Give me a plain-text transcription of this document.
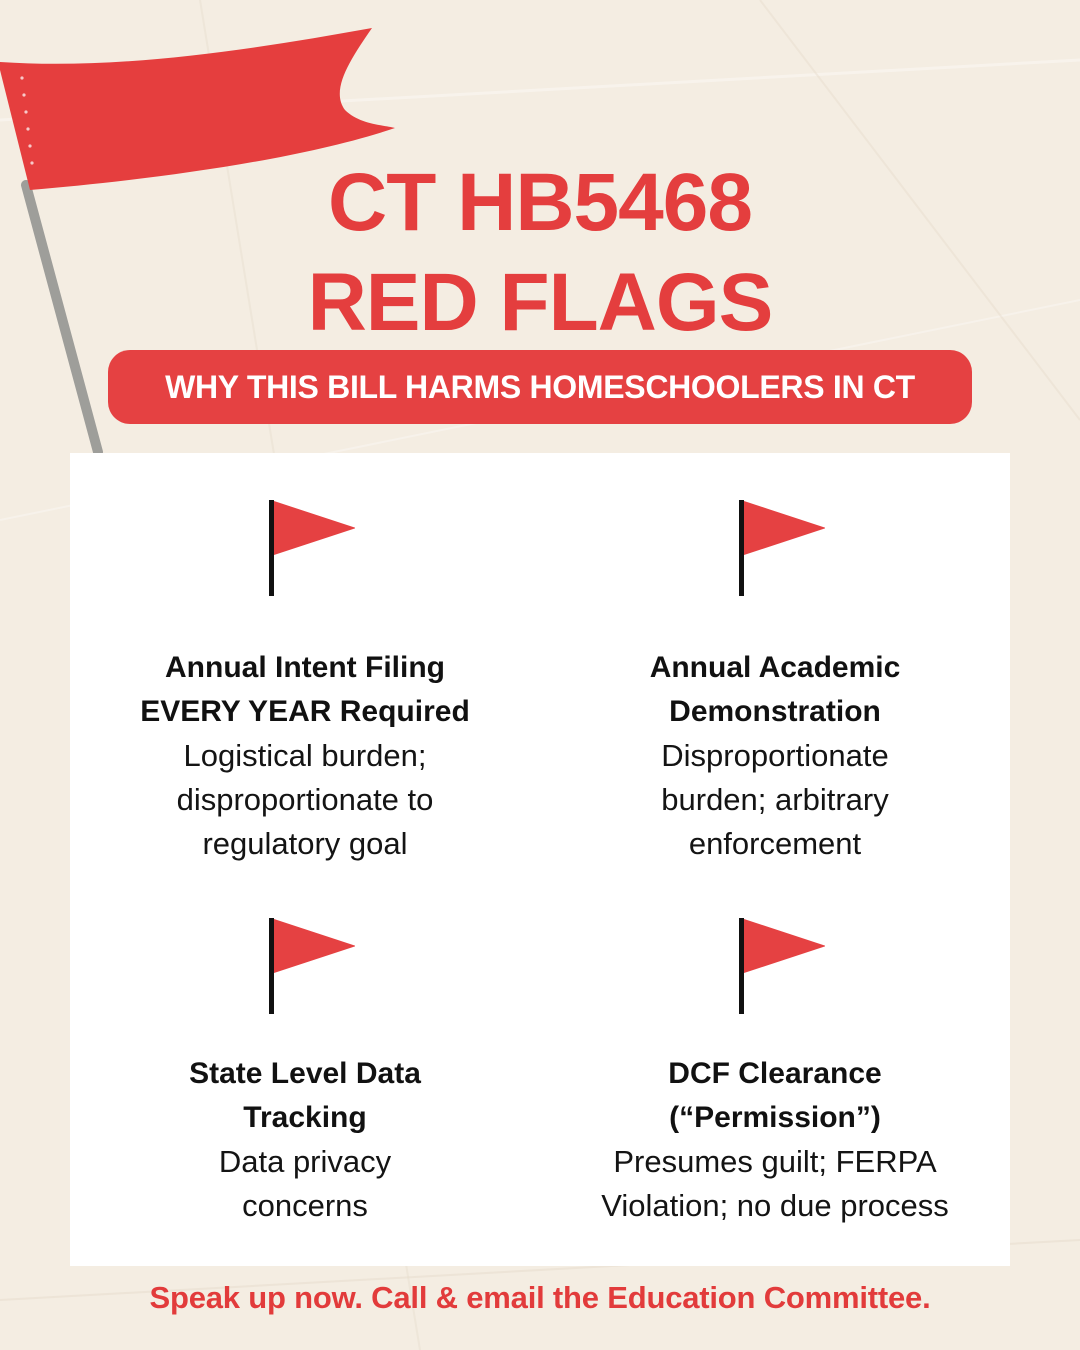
CT HB5468
RED FLAGS
WHY THIS BILL HARMS HOMESCHOOLERS IN CT

Annual Intent Filing

EVERY YEAR Required

Logistical burden;

disproportionate to

regulatory goal

Annual Academic

Demonstration

Disproportionate

burden; arbitrary

enforcement

State Level Data

Tracking

Data privacy

concerns

DCF Clearance

(“Permission”)

Presumes guilt; FERPA

Violation; no due process

Speak up now. Call & email the Education Committee.
